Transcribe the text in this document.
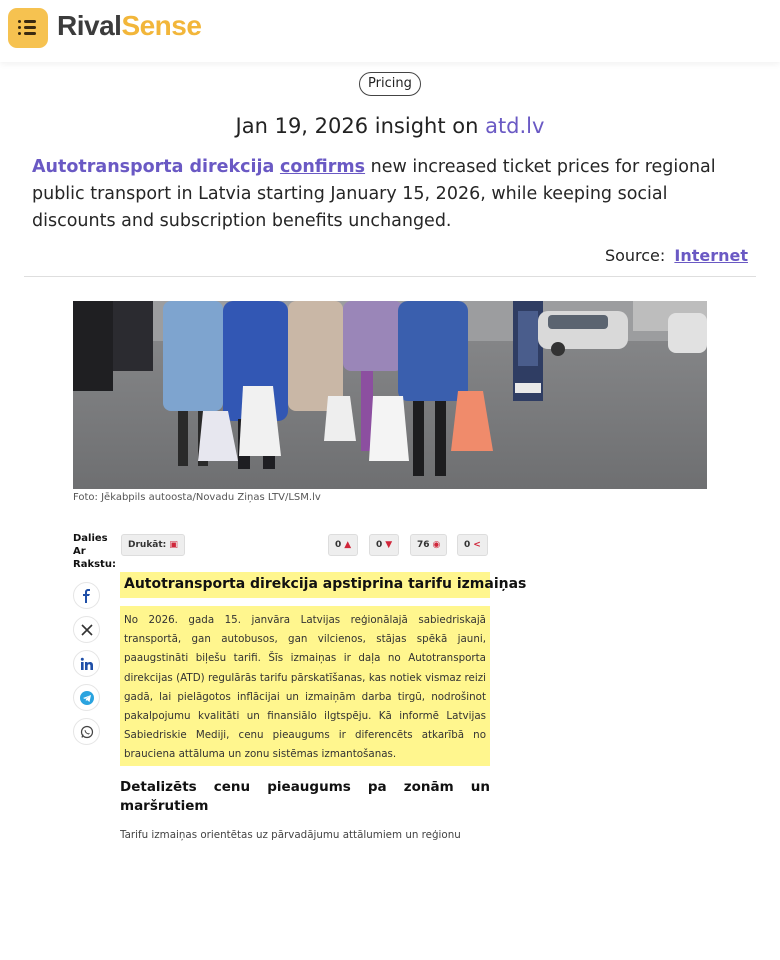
RivalSense
Pricing
Jan 19, 2026 insight on atd.lv
Autotransporta direkcija confirms new increased ticket prices for regional public transport in Latvia starting January 15, 2026, while keeping social discounts and subscription benefits unchanged.
Source: Internet
Foto: Jēkabpils autoosta/Novadu Ziņas LTV/LSM.lv
Dalies Ar Rakstu:
Drukāt: ▣	0 ▲	0 ▼	76 ◉	0 <
Autotransporta direkcija apstiprina tarifu izmaiņas
No 2026. gada 15. janvāra Latvijas reģionālajā sabiedriskajā transportā, gan autobusos, gan vilcienos, stājas spēkā jauni, paaugstināti biļešu tarifi. Šīs izmaiņas ir daļa no Autotransporta direkcijas (ATD) regulārās tarifu pārskatīšanas, kas notiek vismaz reizi gadā, lai pielāgotos inflācijai un izmaiņām darba tirgū, nodrošinot pakalpojumu kvalitāti un finansiālo ilgtspēju. Kā informē Latvijas Sabiedriskie Mediji, cenu pieaugums ir diferencēts atkarībā no brauciena attāluma un zonu sistēmas izmantošanas.
Detalizēts cenu pieaugums pa zonām un maršrutiem
Tarifu izmaiņas orientētas uz pārvadājumu attālumiem un reģionu
